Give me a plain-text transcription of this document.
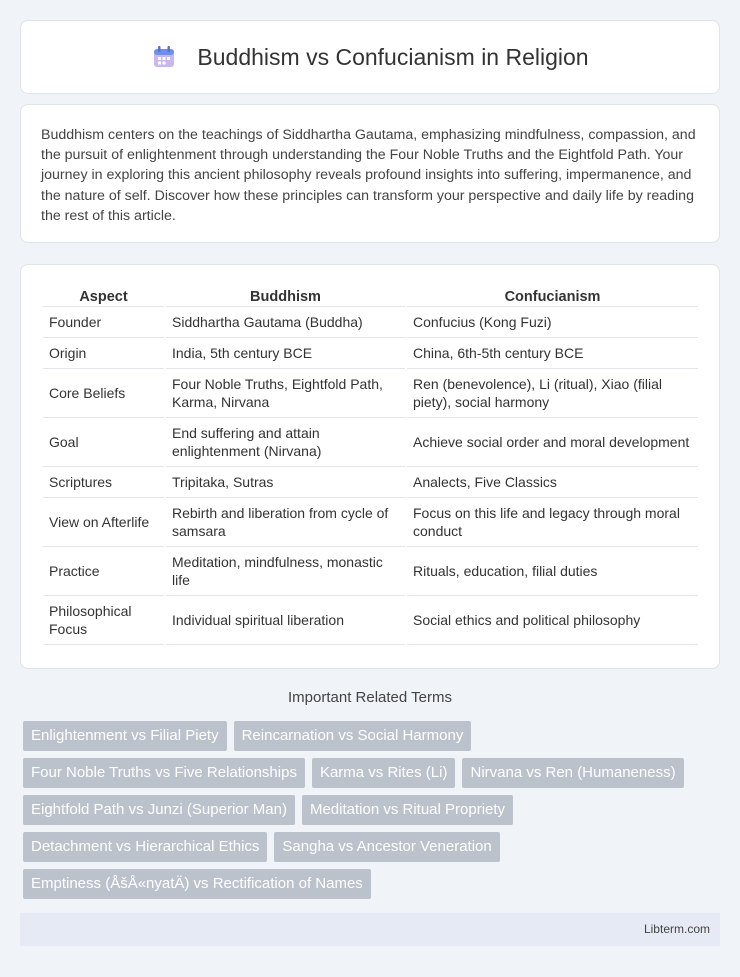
Buddhism vs Confucianism in Religion

Buddhism centers on the teachings of Siddhartha Gautama, emphasizing mindfulness, compassion, and the pursuit of enlightenment through understanding the Four Noble Truths and the Eightfold Path. Your journey in exploring this ancient philosophy reveals profound insights into suffering, impermanence, and the nature of self. Discover how these principles can transform your perspective and daily life by reading the rest of this article.

Aspect	Buddhism	Confucianism
Founder	Siddhartha Gautama (Buddha)	Confucius (Kong Fuzi)
Origin	India, 5th century BCE	China, 6th-5th century BCE
Core Beliefs	Four Noble Truths, Eightfold Path, Karma, Nirvana	Ren (benevolence), Li (ritual), Xiao (filial piety), social harmony
Goal	End suffering and attain enlightenment (Nirvana)	Achieve social order and moral development
Scriptures	Tripitaka, Sutras	Analects, Five Classics
View on Afterlife	Rebirth and liberation from cycle of samsara	Focus on this life and legacy through moral conduct
Practice	Meditation, mindfulness, monastic life	Rituals, education, filial duties
Philosophical Focus	Individual spiritual liberation	Social ethics and political philosophy
Important Related Terms
Enlightenment vs Filial Piety	Reincarnation vs Social Harmony
Four Noble Truths vs Five Relationships	Karma vs Rites (Li)	Nirvana vs Ren (Humaneness)
Eightfold Path vs Junzi (Superior Man)	Meditation vs Ritual Propriety
Detachment vs Hierarchical Ethics	Sangha vs Ancestor Veneration
Emptiness (ÅšÅ«nyatÄ) vs Rectification of Names
Libterm.com
